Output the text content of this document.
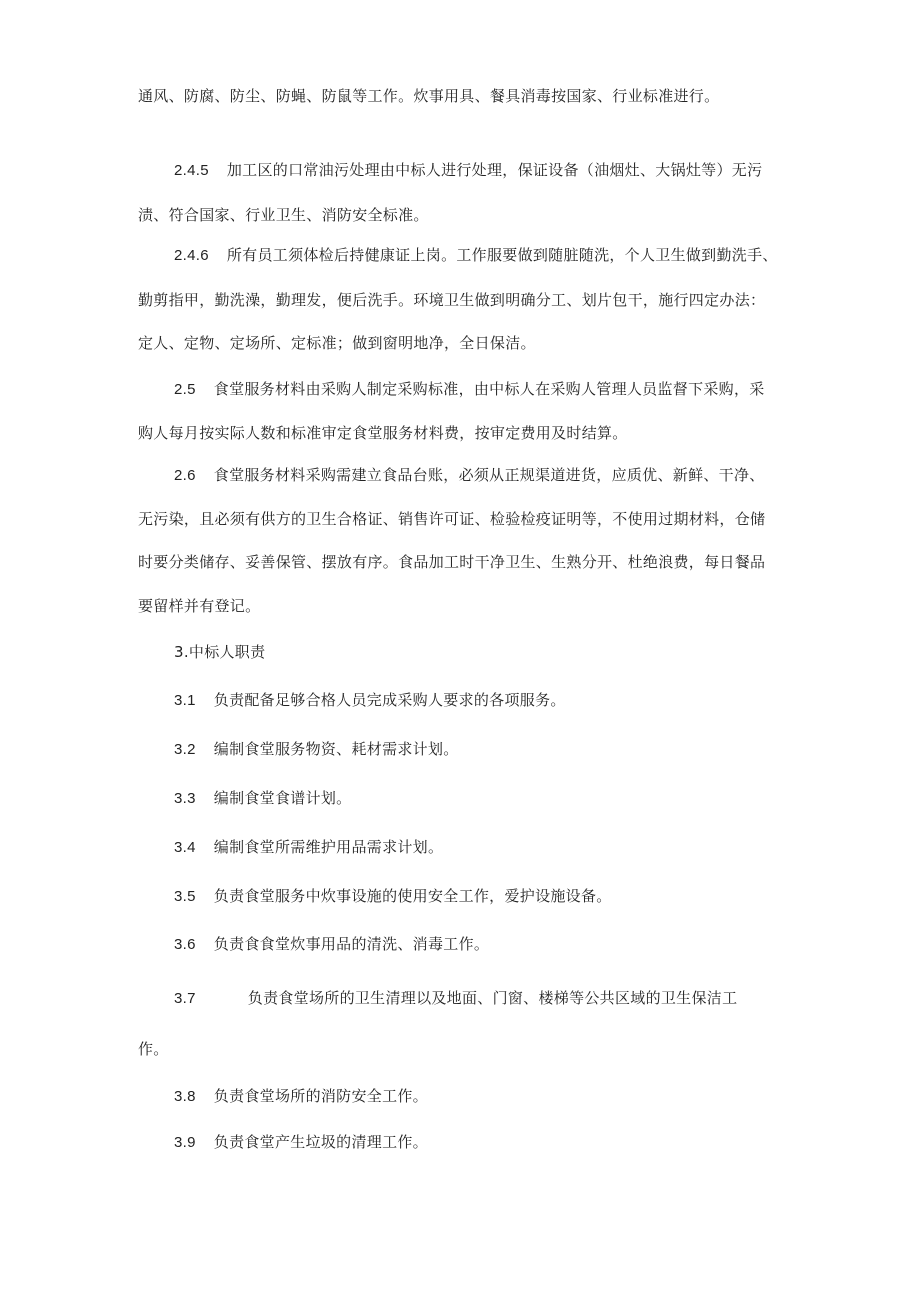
通风、防腐、防尘、防蝇、防鼠等工作。炊事用具、餐具消毒按国家、行业标准进行。
2.4.5 加工区的口常油污处理由中标人进行处理，保证设备（油烟灶、大锅灶等）无污
渍、符合国家、行业卫生、消防安全标准。
2.4.6 所有员工须体检后持健康证上岗。工作服要做到随脏随洗，个人卫生做到勤洗手、
勤剪指甲，勤洗澡，勤理发，便后洗手。环境卫生做到明确分工、划片包干，施行四定办法：
定人、定物、定场所、定标准；做到窗明地净，全日保洁。
2.5 食堂服务材料由采购人制定采购标准，由中标人在采购人管理人员监督下采购，采
购人每月按实际人数和标准审定食堂服务材料费，按审定费用及时结算。
2.6 食堂服务材料采购需建立食品台账，必须从正规渠道进货，应质优、新鲜、干净、
无污染，且必须有供方的卫生合格证、销售许可证、检验检疫证明等，不使用过期材料，仓储
时要分类储存、妥善保管、摆放有序。食品加工时干净卫生、生熟分开、杜绝浪费，每日餐品
要留样并有登记。
3.中标人职责
3.1 负责配备足够合格人员完成采购人要求的各项服务。
3.2 编制食堂服务物资、耗材需求计划。
3.3 编制食堂食谱计划。
3.4 编制食堂所需维护用品需求计划。
3.5 负责食堂服务中炊事设施的使用安全工作，爱护设施设备。
3.6 负责食食堂炊事用品的清洗、消毒工作。
3.7	负责食堂场所的卫生清理以及地面、门窗、楼梯等公共区域的卫生保洁工
作。
3.8 负责食堂场所的消防安全工作。
3.9 负责食堂产生垃圾的清理工作。
